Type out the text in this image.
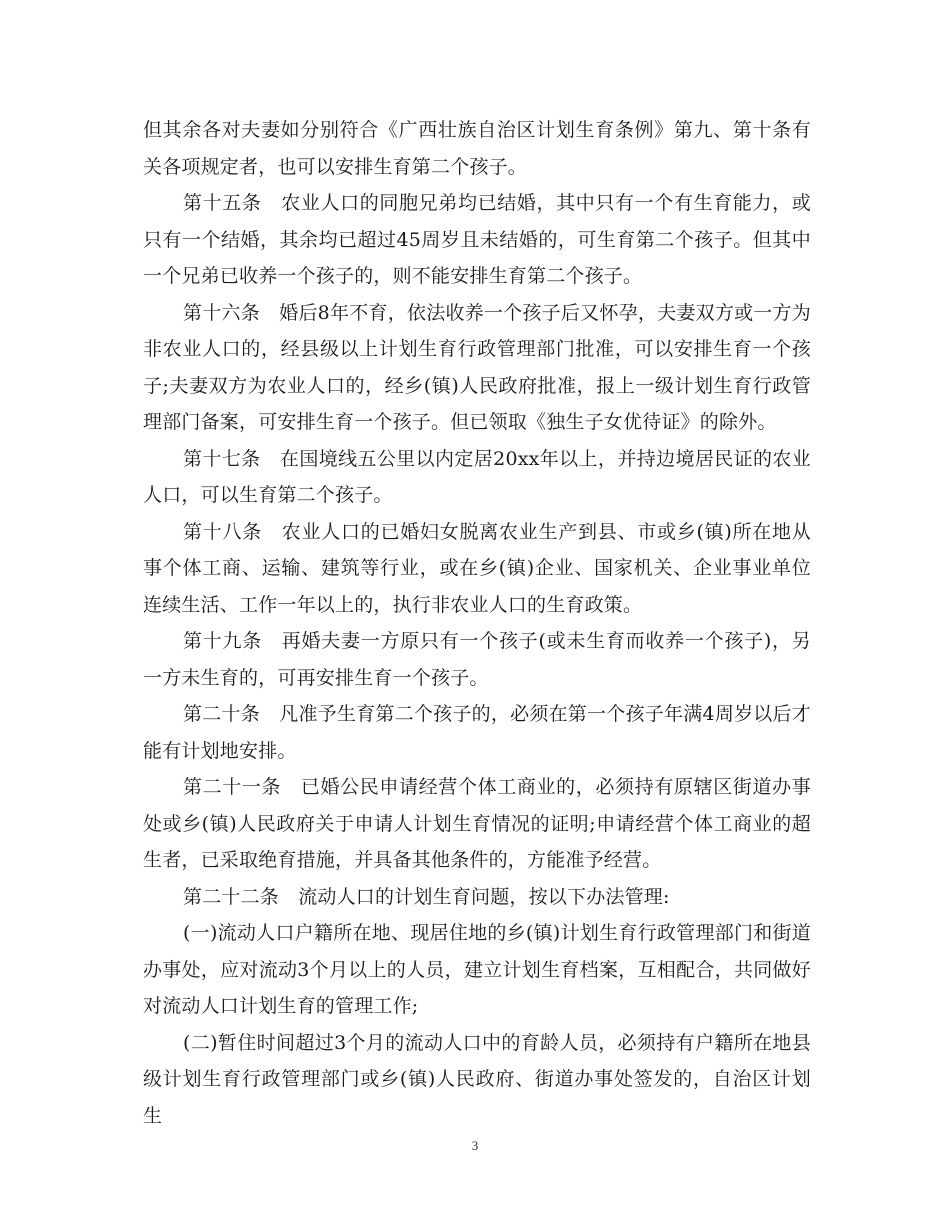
但其余各对夫妻如分别符合《广西壮族自治区计划生育条例》第九、第十条有关各项规定者，也可以安排生育第二个孩子。

第十五条　农业人口的同胞兄弟均已结婚，其中只有一个有生育能力，或只有一个结婚，其余均已超过45周岁且未结婚的，可生育第二个孩子。但其中一个兄弟已收养一个孩子的，则不能安排生育第二个孩子。

第十六条　婚后8年不育，依法收养一个孩子后又怀孕，夫妻双方或一方为非农业人口的，经县级以上计划生育行政管理部门批准，可以安排生育一个孩子;夫妻双方为农业人口的，经乡(镇)人民政府批准，报上一级计划生育行政管理部门备案，可安排生育一个孩子。但已领取《独生子女优待证》的除外。

第十七条　在国境线五公里以内定居20xx年以上，并持边境居民证的农业人口，可以生育第二个孩子。

第十八条　农业人口的已婚妇女脱离农业生产到县、市或乡(镇)所在地从事个体工商、运输、建筑等行业，或在乡(镇)企业、国家机关、企业事业单位连续生活、工作一年以上的，执行非农业人口的生育政策。

第十九条　再婚夫妻一方原只有一个孩子(或未生育而收养一个孩子)，另一方未生育的，可再安排生育一个孩子。

第二十条　凡准予生育第二个孩子的，必须在第一个孩子年满4周岁以后才能有计划地安排。

第二十一条　已婚公民申请经营个体工商业的，必须持有原辖区街道办事处或乡(镇)人民政府关于申请人计划生育情况的证明;申请经营个体工商业的超生者，已采取绝育措施，并具备其他条件的，方能准予经营。

第二十二条　流动人口的计划生育问题，按以下办法管理:

(一)流动人口户籍所在地、现居住地的乡(镇)计划生育行政管理部门和街道办事处，应对流动3个月以上的人员，建立计划生育档案，互相配合，共同做好对流动人口计划生育的管理工作;

(二)暂住时间超过3个月的流动人口中的育龄人员，必须持有户籍所在地县级计划生育行政管理部门或乡(镇)人民政府、街道办事处签发的，自治区计划生

3
